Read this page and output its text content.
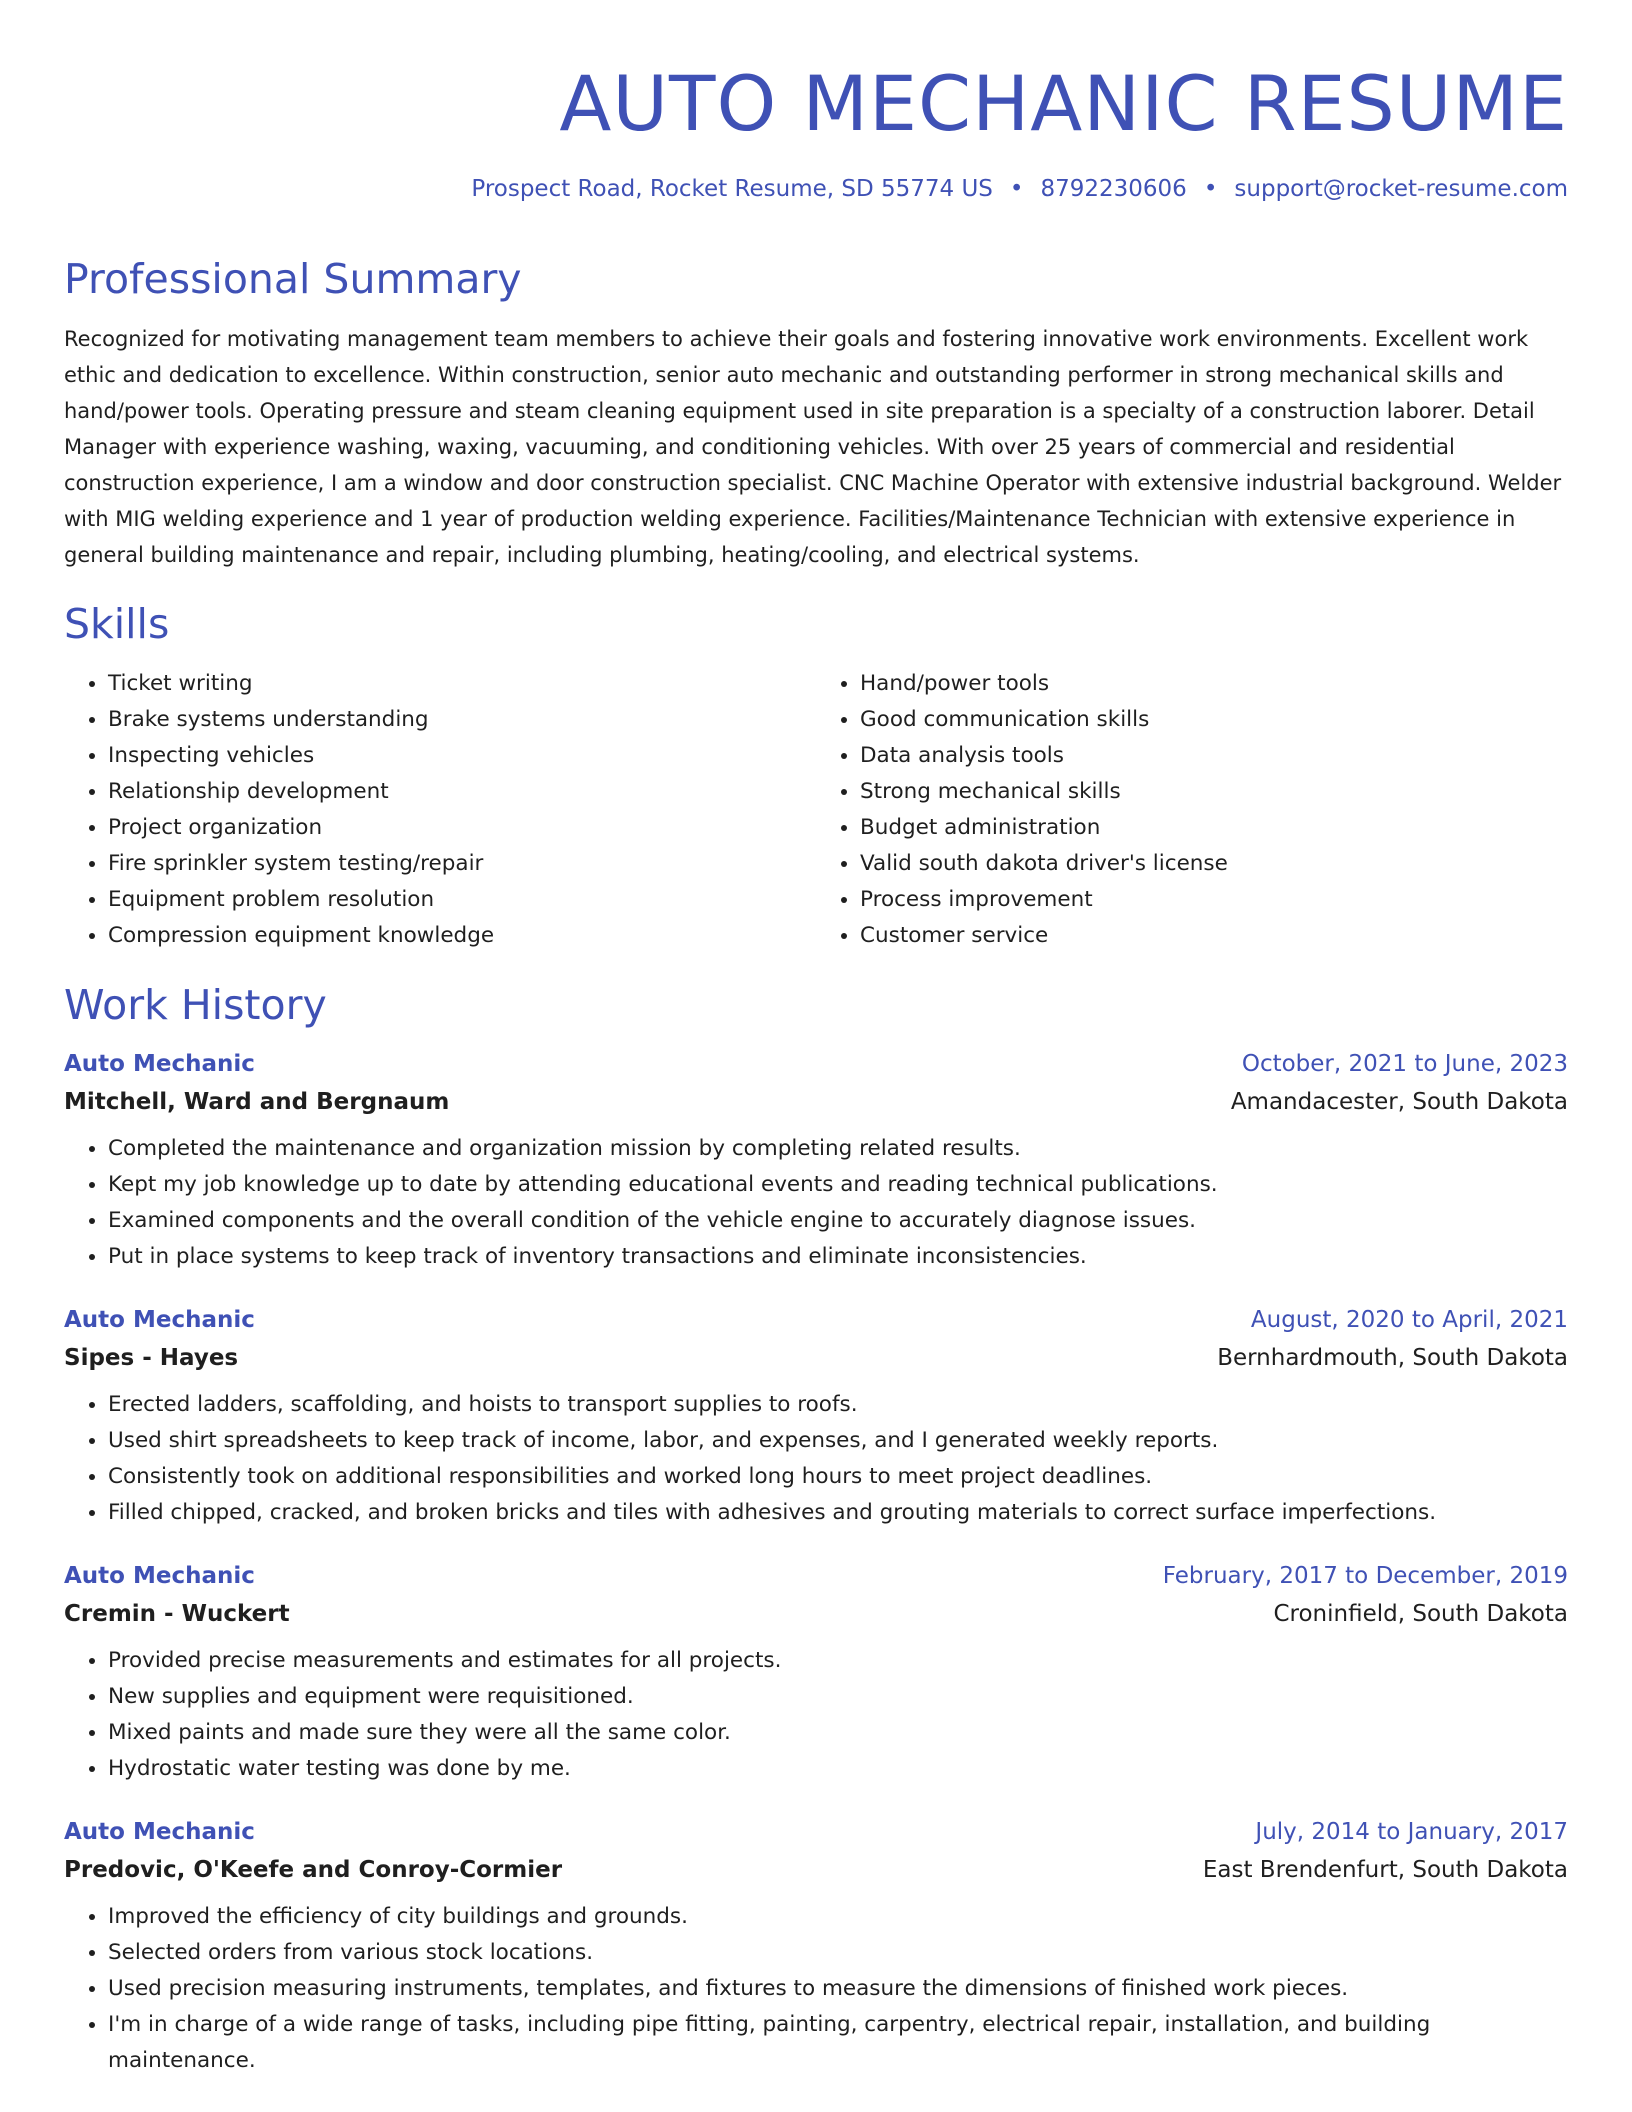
AUTO MECHANIC RESUME
Prospect Road, Rocket Resume, SD 55774 US • 8792230606 • support@rocket-resume.com
Professional Summary
Recognized for motivating management team members to achieve their goals and fostering innovative work environments. Excellent work ethic and dedication to excellence. Within construction, senior auto mechanic and outstanding performer in strong mechanical skills and hand/power tools. Operating pressure and steam cleaning equipment used in site preparation is a specialty of a construction laborer. Detail Manager with experience washing, waxing, vacuuming, and conditioning vehicles. With over 25 years of commercial and residential construction experience, I am a window and door construction specialist. CNC Machine Operator with extensive industrial background. Welder with MIG welding experience and 1 year of production welding experience. Facilities/Maintenance Technician with extensive experience in general building maintenance and repair, including plumbing, heating/cooling, and electrical systems.
Skills
• Ticket writing
• Brake systems understanding
• Inspecting vehicles
• Relationship development
• Project organization
• Fire sprinkler system testing/repair
• Equipment problem resolution
• Compression equipment knowledge
• Hand/power tools
• Good communication skills
• Data analysis tools
• Strong mechanical skills
• Budget administration
• Valid south dakota driver's license
• Process improvement
• Customer service
Work History
Auto Mechanic	October, 2021 to June, 2023
Mitchell, Ward and Bergnaum	Amandacester, South Dakota
• Completed the maintenance and organization mission by completing related results.
• Kept my job knowledge up to date by attending educational events and reading technical publications.
• Examined components and the overall condition of the vehicle engine to accurately diagnose issues.
• Put in place systems to keep track of inventory transactions and eliminate inconsistencies.
Auto Mechanic	August, 2020 to April, 2021
Sipes - Hayes	Bernhardmouth, South Dakota
• Erected ladders, scaffolding, and hoists to transport supplies to roofs.
• Used shirt spreadsheets to keep track of income, labor, and expenses, and I generated weekly reports.
• Consistently took on additional responsibilities and worked long hours to meet project deadlines.
• Filled chipped, cracked, and broken bricks and tiles with adhesives and grouting materials to correct surface imperfections.
Auto Mechanic	February, 2017 to December, 2019
Cremin - Wuckert	Croninfield, South Dakota
• Provided precise measurements and estimates for all projects.
• New supplies and equipment were requisitioned.
• Mixed paints and made sure they were all the same color.
• Hydrostatic water testing was done by me.
Auto Mechanic	July, 2014 to January, 2017
Predovic, O'Keefe and Conroy-Cormier	East Brendenfurt, South Dakota
• Improved the efficiency of city buildings and grounds.
• Selected orders from various stock locations.
• Used precision measuring instruments, templates, and fixtures to measure the dimensions of finished work pieces.
• I'm in charge of a wide range of tasks, including pipe fitting, painting, carpentry, electrical repair, installation, and building maintenance.
